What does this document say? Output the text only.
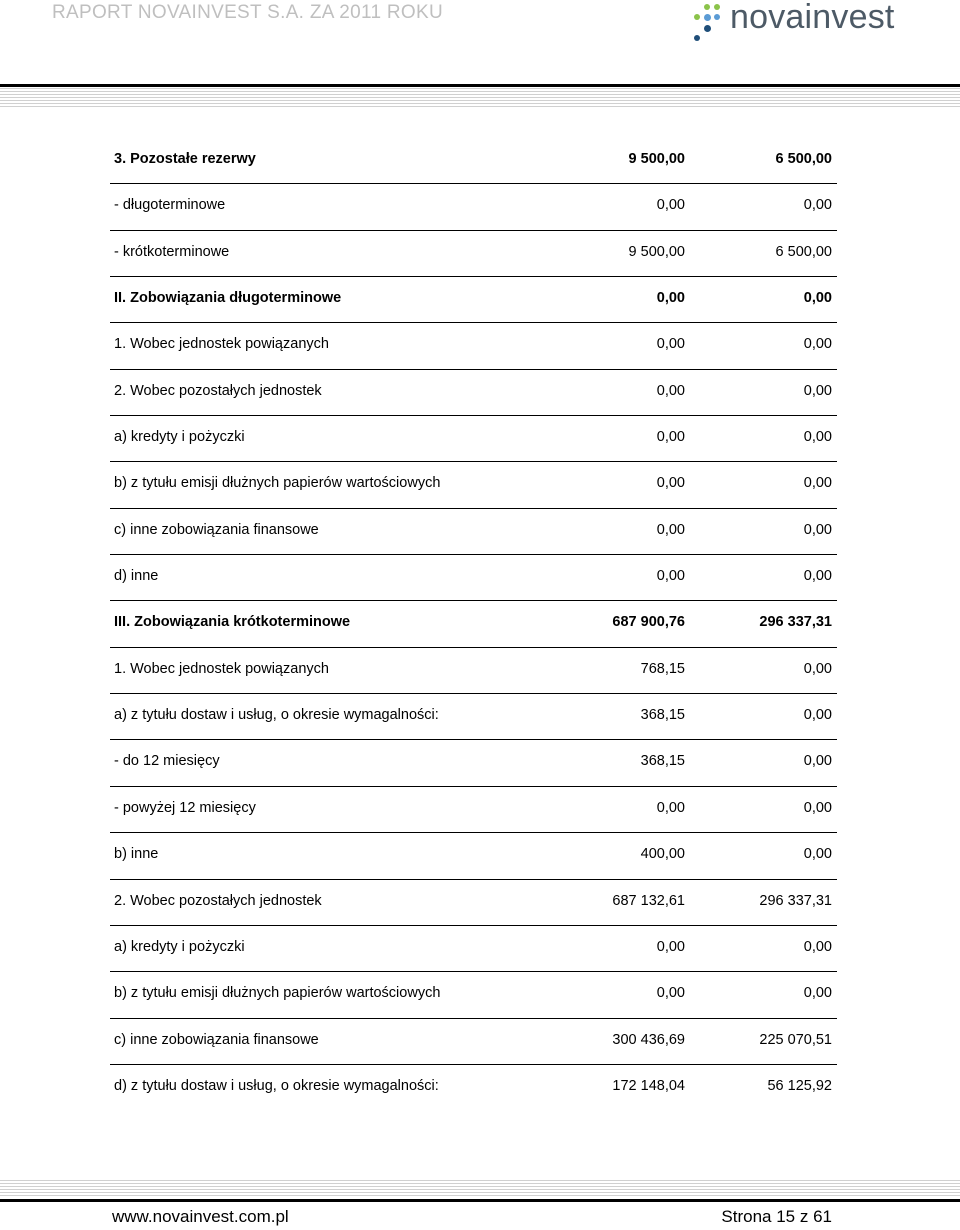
RAPORT NOVAINVEST S.A. ZA 2011 ROKU	novainvest
3. Pozostałe rezerwy	9 500,00	6 500,00
- długoterminowe	0,00	0,00
- krótkoterminowe	9 500,00	6 500,00
II. Zobowiązania długoterminowe	0,00	0,00
1. Wobec jednostek powiązanych	0,00	0,00
2. Wobec pozostałych jednostek	0,00	0,00
a) kredyty i pożyczki	0,00	0,00
b) z tytułu emisji dłużnych papierów wartościowych	0,00	0,00
c) inne zobowiązania finansowe	0,00	0,00
d) inne	0,00	0,00
III. Zobowiązania krótkoterminowe	687 900,76	296 337,31
1. Wobec jednostek powiązanych	768,15	0,00
a) z tytułu dostaw i usług, o okresie wymagalności:	368,15	0,00
- do 12 miesięcy	368,15	0,00
- powyżej 12 miesięcy	0,00	0,00
b) inne	400,00	0,00
2. Wobec pozostałych jednostek	687 132,61	296 337,31
a) kredyty i pożyczki	0,00	0,00
b) z tytułu emisji dłużnych papierów wartościowych	0,00	0,00
c) inne zobowiązania finansowe	300 436,69	225 070,51
d) z tytułu dostaw i usług, o okresie wymagalności:	172 148,04	56 125,92
www.novainvest.com.pl	Strona 15 z 61
